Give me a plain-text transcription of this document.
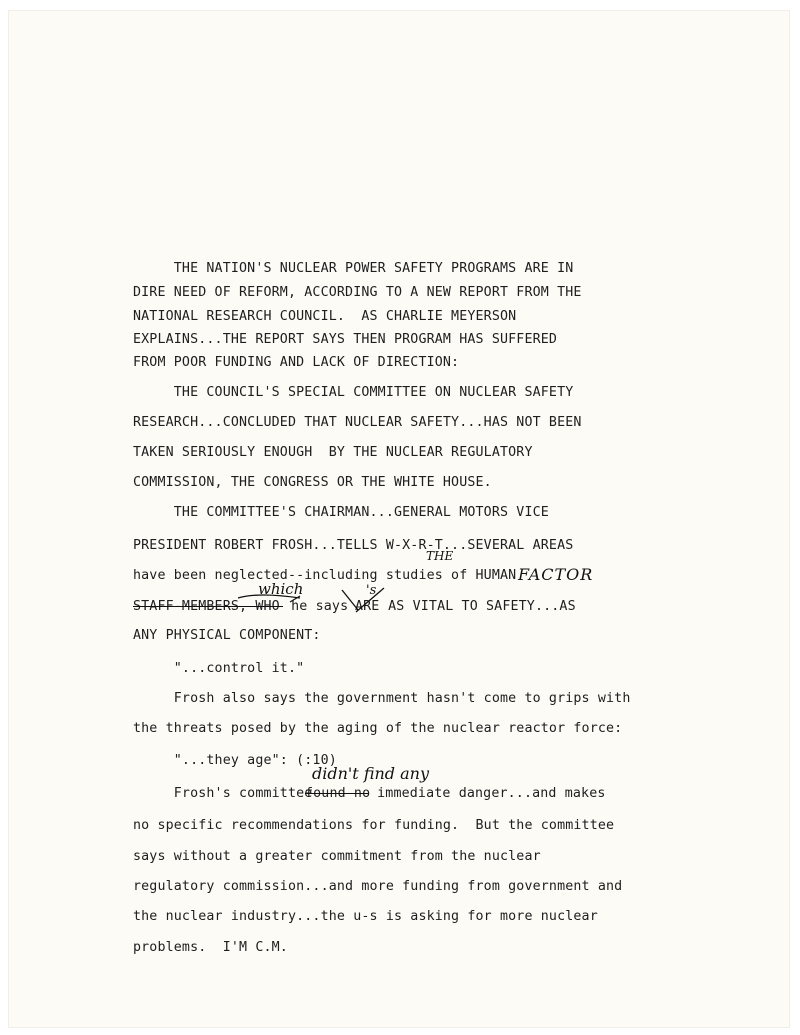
THE NATION'S NUCLEAR POWER SAFETY PROGRAMS ARE IN
DIRE NEED OF REFORM, ACCORDING TO A NEW REPORT FROM THE
NATIONAL RESEARCH COUNCIL.  AS CHARLIE MEYERSON
EXPLAINS...THE REPORT SAYS THEN PROGRAM HAS SUFFERED
FROM POOR FUNDING AND LACK OF DIRECTION:
THE COUNCIL'S SPECIAL COMMITTEE ON NUCLEAR SAFETY
RESEARCH...CONCLUDED THAT NUCLEAR SAFETY...HAS NOT BEEN
TAKEN SERIOUSLY ENOUGH  BY THE NUCLEAR REGULATORY
COMMISSION, THE CONGRESS OR THE WHITE HOUSE.
THE COMMITTEE'S CHAIRMAN...GENERAL MOTORS VICE
PRESIDENT ROBERT FROSH...TELLS W-X-R-T...SEVERAL AREAS
have been neglected--including studies of HUMAN
STAFF-MEMBERS, WHO he says
ARE AS VITAL TO SAFETY...AS
ANY PHYSICAL COMPONENT:
"...control it."
Frosh also says the government hasn't come to grips with
the threats posed by the aging of the nuclear reactor force:
"...they age": (:10)
Frosh's committee
found no
immediate danger...and makes
no specific recommendations for funding.  But the committee
says without a greater commitment from the nuclear
regulatory commission...and more funding from government and
the nuclear industry...the u-s is asking for more nuclear
problems.  I'M C.M.
THE
FACTOR
which	's
didn't find any
